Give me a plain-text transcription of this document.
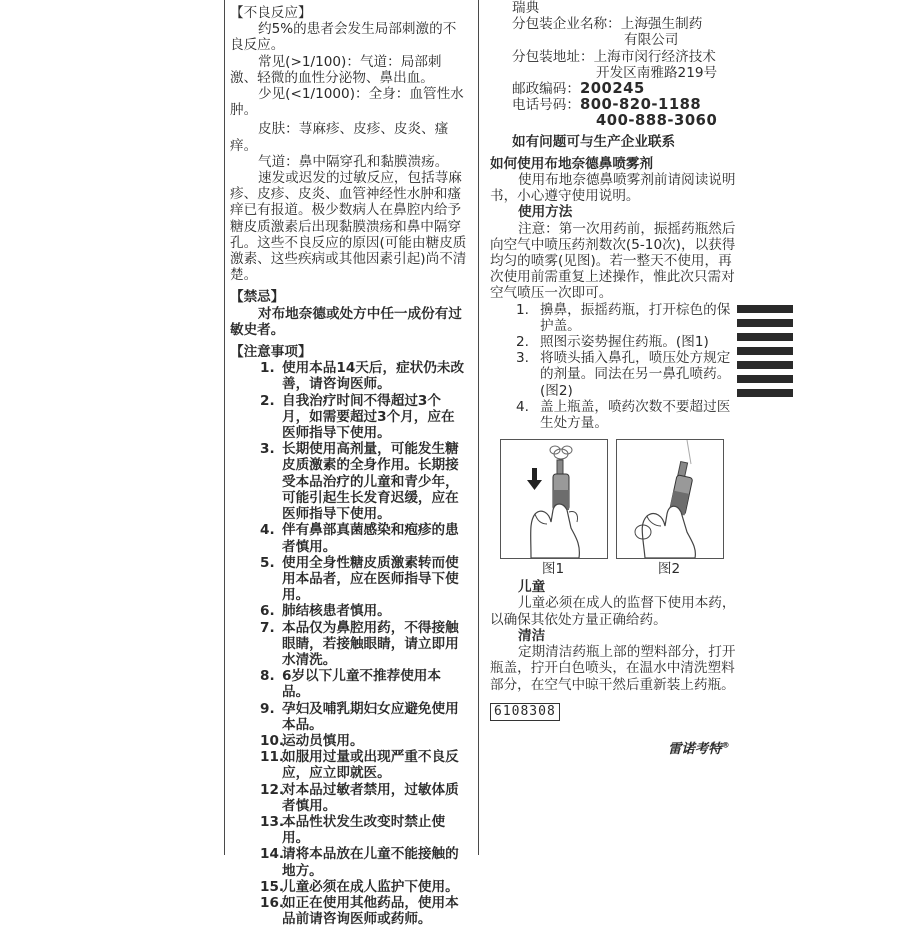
【不良反应】

约5%的患者会发生局部刺激的不良反应。

常见(>1/100)：气道：局部刺激、轻微的血性分泌物、鼻出血。

少见(<1/1000)：全身：血管性水肿。

皮肤：荨麻疹、皮疹、皮炎、瘙痒。

气道：鼻中隔穿孔和黏膜溃疡。

速发或迟发的过敏反应，包括荨麻疹、皮疹、皮炎、血管神经性水肿和瘙痒已有报道。极少数病人在鼻腔内给予糖皮质激素后出现黏膜溃疡和鼻中隔穿孔。这些不良反应的原因(可能由糖皮质激素、这些疾病或其他因素引起)尚不清楚。

【禁忌】

对布地奈德或处方中任一成份有过敏史者。

【注意事项】

1. 使用本品14天后，症状仍未改善，请咨询医师。
2. 自我治疗时间不得超过3个月，如需要超过3个月，应在医师指导下使用。
3. 长期使用高剂量，可能发生糖皮质激素的全身作用。长期接受本品治疗的儿童和青少年，可能引起生长发育迟缓，应在医师指导下使用。
4. 伴有鼻部真菌感染和疱疹的患者慎用。
5. 使用全身性糖皮质激素转而使用本品者，应在医师指导下使用。
6. 肺结核患者慎用。
7. 本品仅为鼻腔用药，不得接触眼睛，若接触眼睛，请立即用水清洗。
8. 6岁以下儿童不推荐使用本品。
9. 孕妇及哺乳期妇女应避免使用本品。
10.
运动员慎用。
11.
如服用过量或出现严重不良反应，应立即就医。
12.
对本品过敏者禁用，过敏体质者慎用。
13.
本品性状发生改变时禁止使用。
14.
请将本品放在儿童不能接触的地方。
15.
儿童必须在成人监护下使用。
16.
如正在使用其他药品，使用本品前请咨询医师或药师。

瑞典

分包装企业名称：上海强生制药

有限公司

分包装地址：上海市闵行经济技术

开发区南雅路219号

邮政编码：200245

电话号码：800-820-1188

400-888-3060

如有问题可与生产企业联系

如何使用布地奈德鼻喷雾剂

使用布地奈德鼻喷雾剂前请阅读说明书，小心遵守使用说明。

使用方法

注意：第一次用药前，振摇药瓶然后向空气中喷压药剂数次(5-10次)，以获得均匀的喷雾(见图)。若一整天不使用，再次使用前需重复上述操作，惟此次只需对空气喷压一次即可。

1. 擤鼻，振摇药瓶，打开棕色的保护盖。
2. 照图示姿势握住药瓶。(图1)
3. 将喷头插入鼻孔，喷压处方规定的剂量。同法在另一鼻孔喷药。(图2)
4. 盖上瓶盖，喷药次数不要超过医生处方量。
图1	图2

儿童

儿童必须在成人的监督下使用本药，以确保其依处方量正确给药。

清洁

定期清洁药瓶上部的塑料部分，打开瓶盖，拧开白色喷头，在温水中清洗塑料部分，在空气中晾干然后重新装上药瓶。

6108308
雷诺考特®
